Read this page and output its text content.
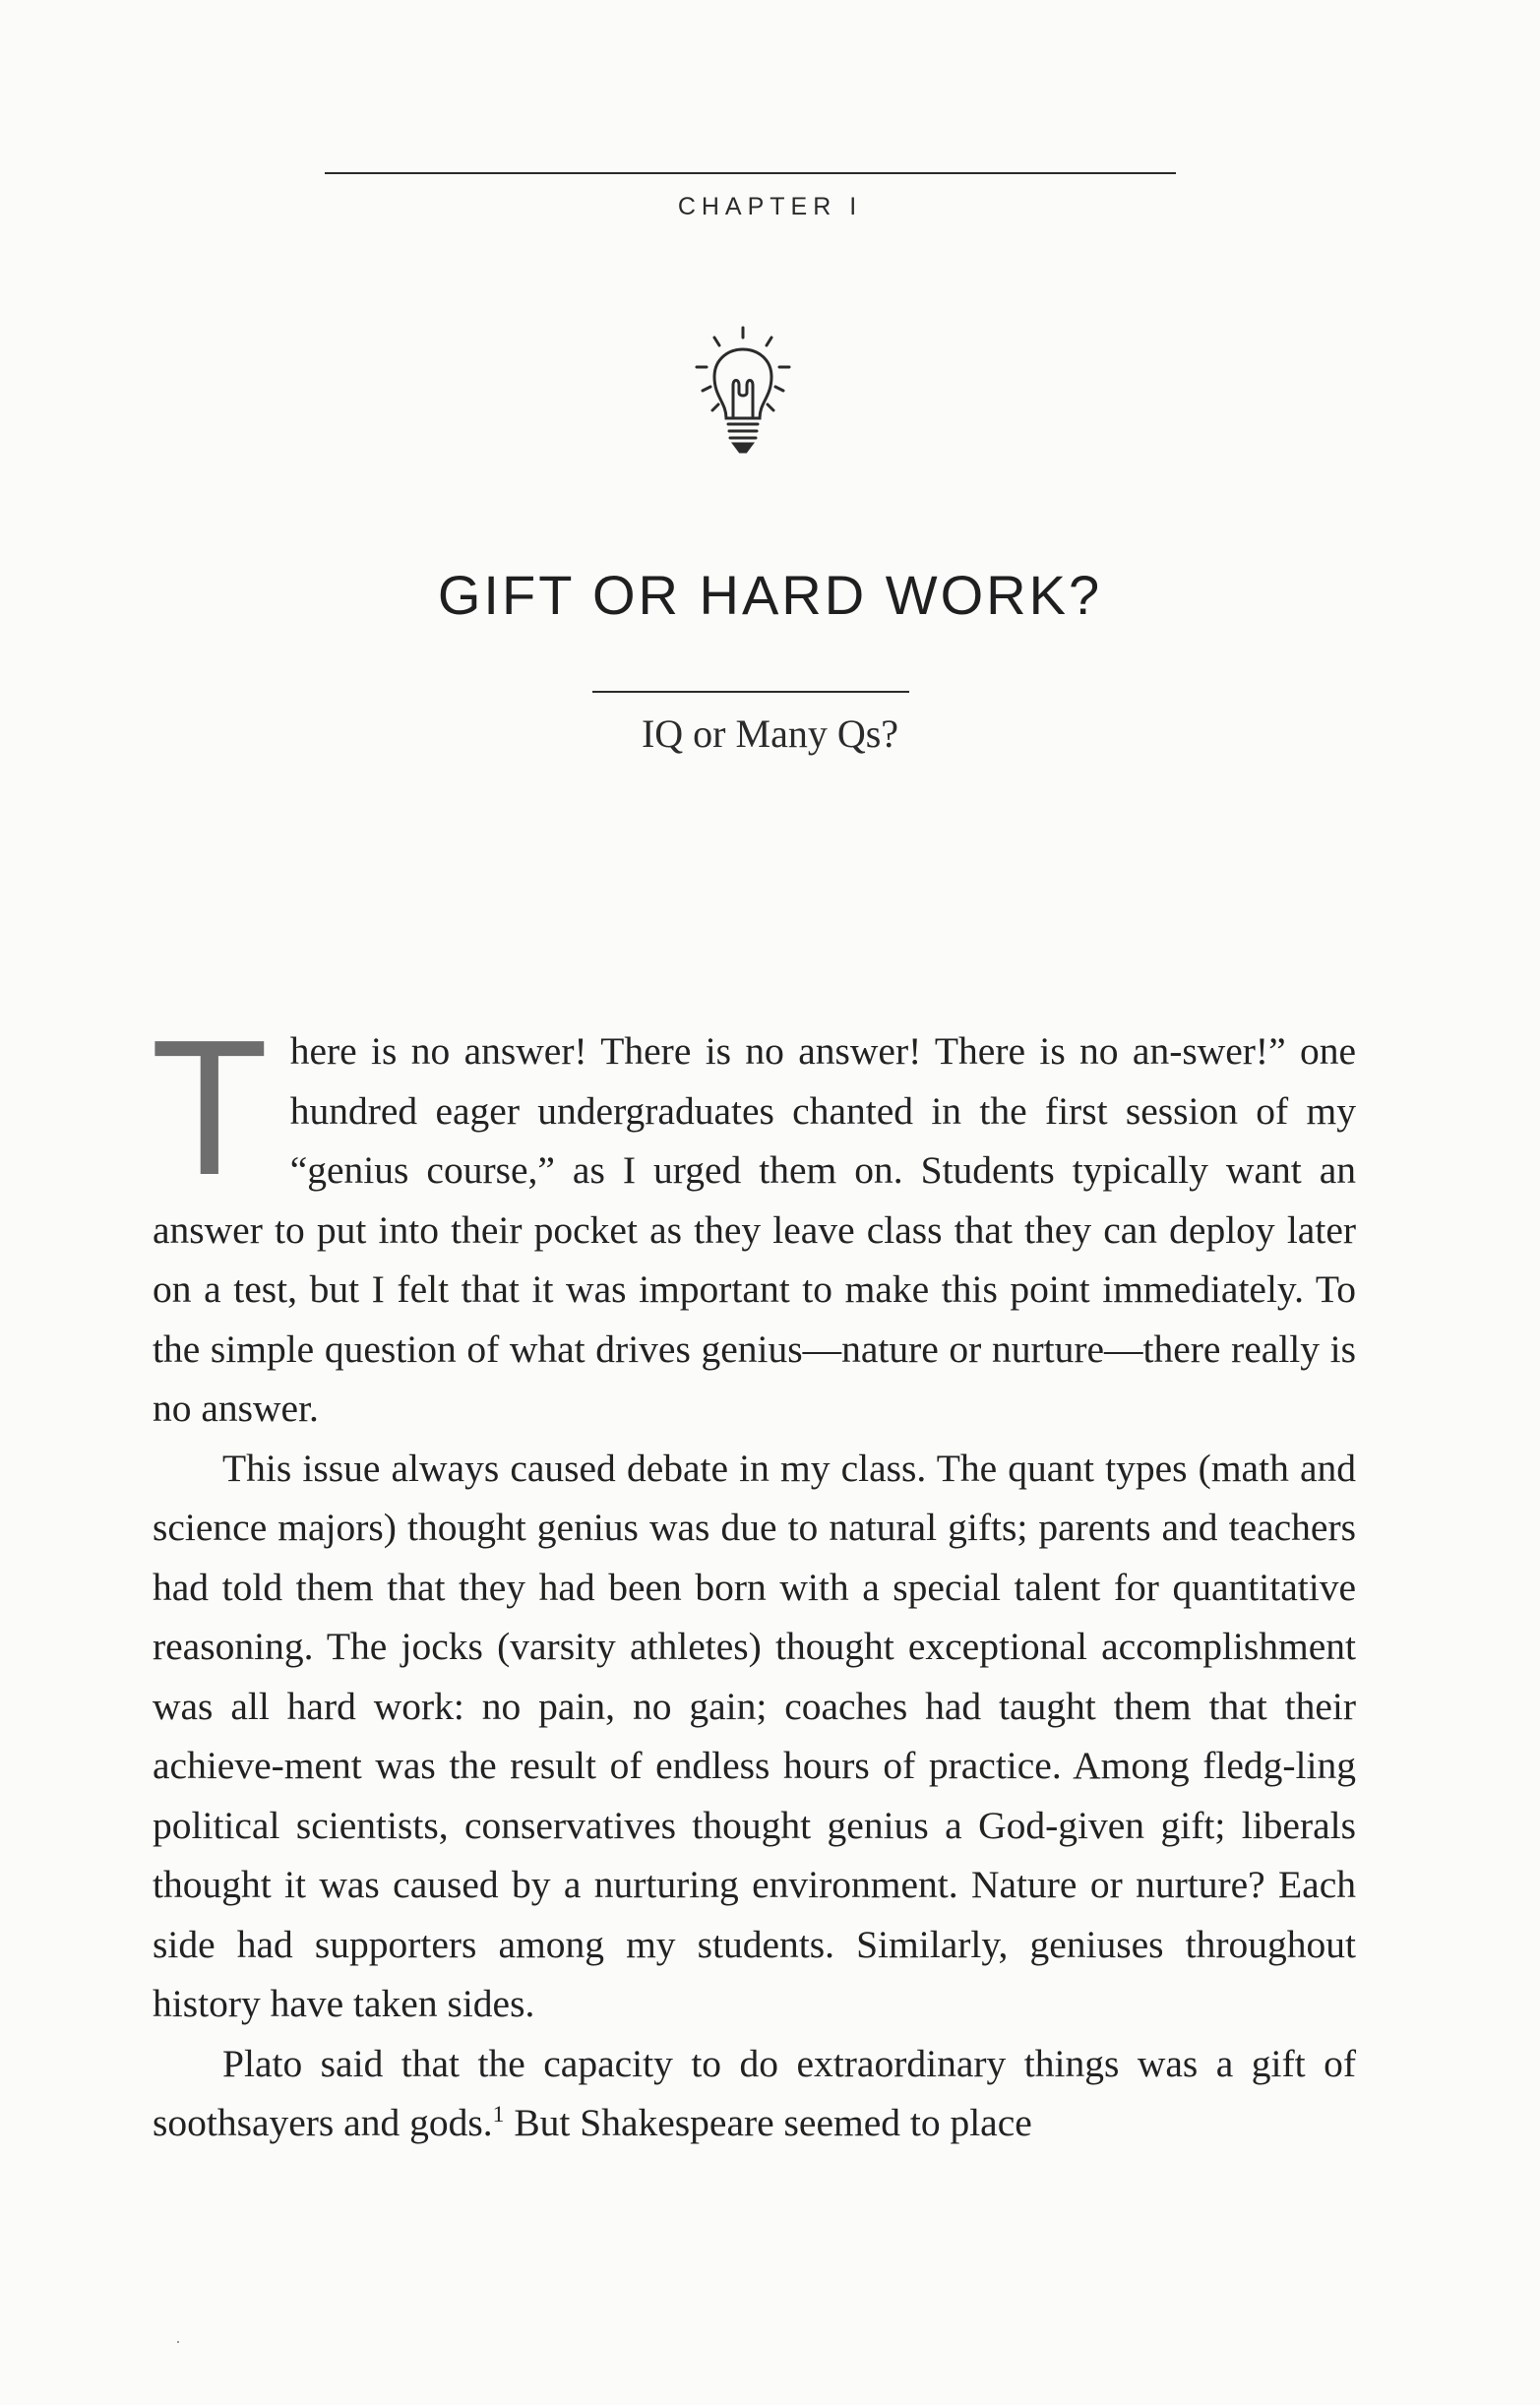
CHAPTER I
GIFT OR HARD WORK?
IQ or Many Qs?

There is no answer! There is no answer! There is no an-swer!” one hundred eager undergraduates chanted in the first session of my “genius course,” as I urged them on. Students typically want an answer to put into their pocket as they leave class that they can deploy later on a test, but I felt that it was important to make this point immediately. To the simple question of what drives genius—nature or nurture—there really is no answer.

This issue always caused debate in my class. The quant types (math and science majors) thought genius was due to natural gifts; parents and teachers had told them that they had been born with a special talent for quantitative reasoning. The jocks (varsity athletes) thought exceptional accomplishment was all hard work: no pain, no gain; coaches had taught them that their achieve-ment was the result of endless hours of practice. Among fledg-ling political scientists, conservatives thought genius a God-given gift; liberals thought it was caused by a nurturing environment. Nature or nurture? Each side had supporters among my students. Similarly, geniuses throughout history have taken sides.

Plato said that the capacity to do extraordinary things was a gift of soothsayers and gods.$^1$ But Shakespeare seemed to place

·
